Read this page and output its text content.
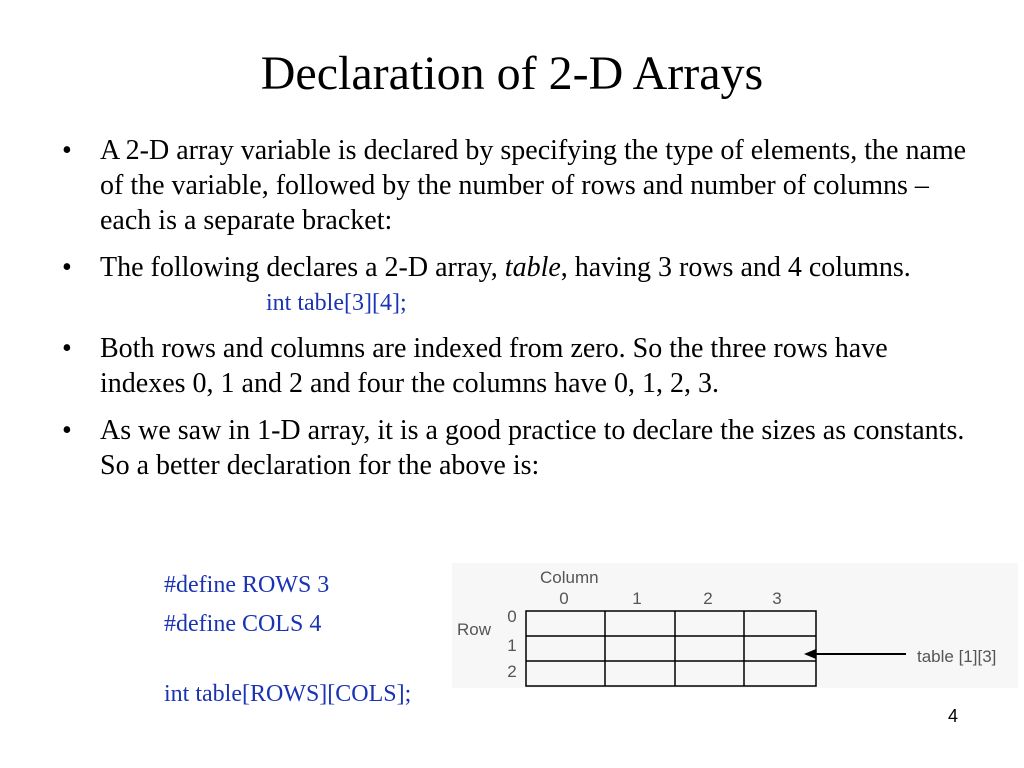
Declaration of 2-D Arrays
• A 2-D array variable is declared by specifying the type of elements, the name of the variable, followed by the number of rows and number of columns – each is a separate bracket:
• The following declares a 2-D array, table, having 3 rows and 4 columns.
int table[3][4];
• Both rows and columns are indexed from zero. So the three rows have indexes 0, 1 and 2 and four the columns have 0, 1, 2, 3.
• As we saw in 1-D array, it is a good practice to declare the sizes as constants. So a better declaration for the above is:
#define ROWS 3
#define COLS 4
int table[ROWS][COLS];
Column
Row
0	1	2	3
0
1
2
table [1][3]
4
